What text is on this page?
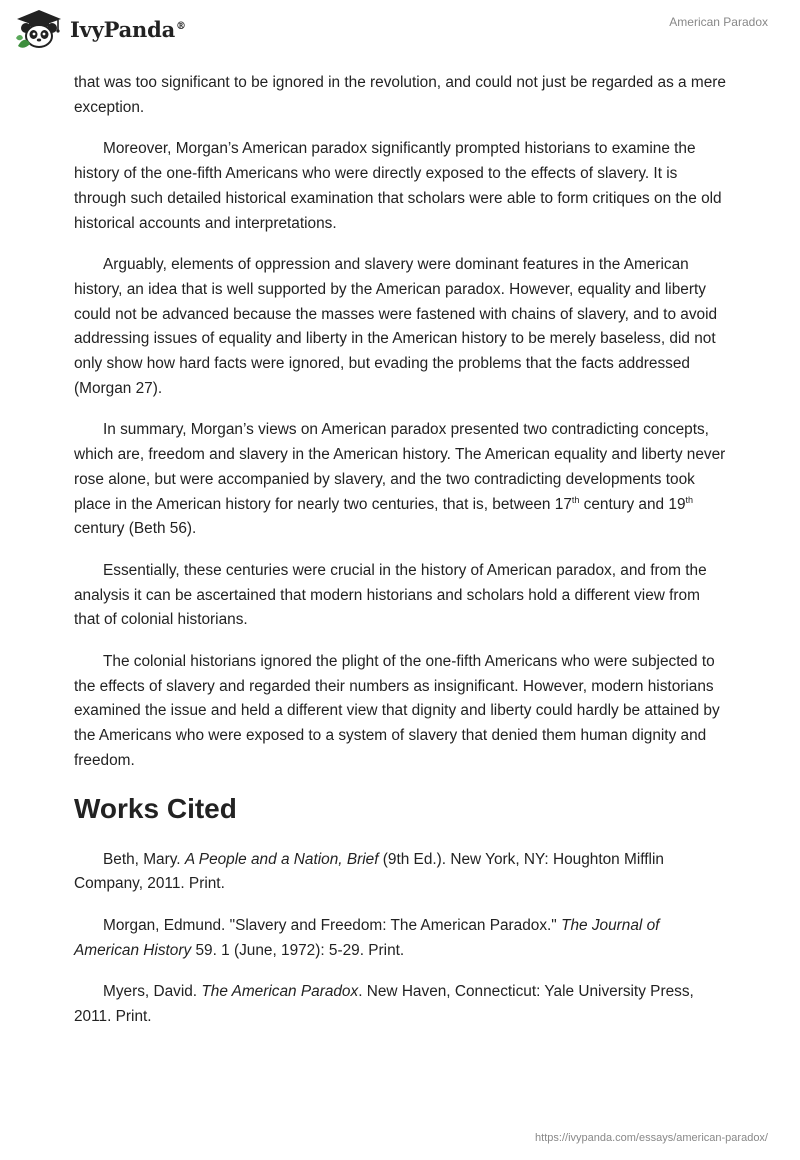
IvyPanda®	American Paradox

that was too significant to be ignored in the revolution, and could not just be regarded as a mere exception.

Moreover, Morgan’s American paradox significantly prompted historians to examine the history of the one-fifth Americans who were directly exposed to the effects of slavery. It is through such detailed historical examination that scholars were able to form critiques on the old historical accounts and interpretations.

Arguably, elements of oppression and slavery were dominant features in the American history, an idea that is well supported by the American paradox. However, equality and liberty could not be advanced because the masses were fastened with chains of slavery, and to avoid addressing issues of equality and liberty in the American history to be merely baseless, did not only show how hard facts were ignored, but evading the problems that the facts addressed (Morgan 27).

In summary, Morgan’s views on American paradox presented two contradicting concepts, which are, freedom and slavery in the American history. The American equality and liberty never rose alone, but were accompanied by slavery, and the two contradicting developments took place in the American history for nearly two centuries, that is, between 17th century and 19th century (Beth 56).

Essentially, these centuries were crucial in the history of American paradox, and from the analysis it can be ascertained that modern historians and scholars hold a different view from that of colonial historians.

The colonial historians ignored the plight of the one-fifth Americans who were subjected to the effects of slavery and regarded their numbers as insignificant. However, modern historians examined the issue and held a different view that dignity and liberty could hardly be attained by the Americans who were exposed to a system of slavery that denied them human dignity and freedom.

Works Cited

Beth, Mary. A People and a Nation, Brief (9th Ed.). New York, NY: Houghton Mifflin Company, 2011. Print.

Morgan, Edmund. "Slavery and Freedom: The American Paradox." The Journal of American History 59. 1 (June, 1972): 5-29. Print.

Myers, David. The American Paradox. New Haven, Connecticut: Yale University Press, 2011. Print.

https://ivypanda.com/essays/american-paradox/
